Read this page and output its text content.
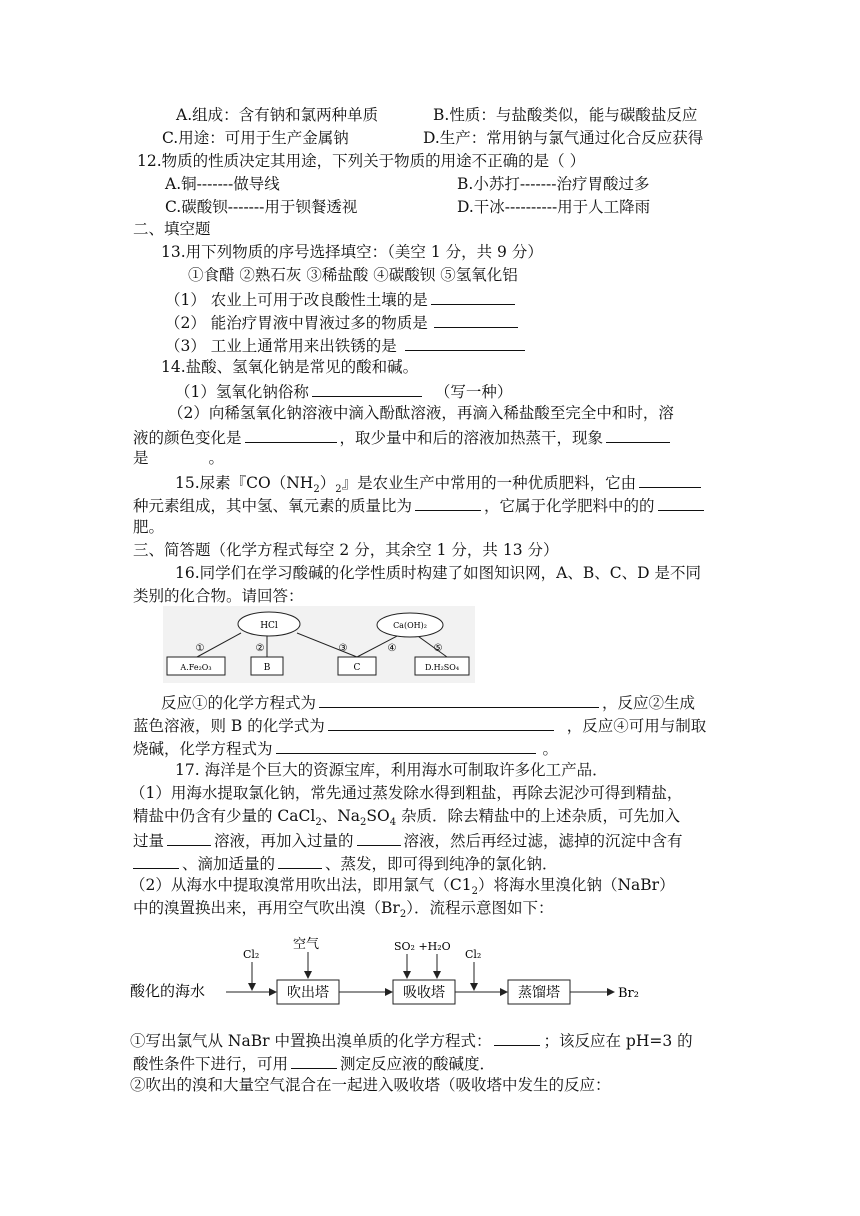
A.组成：含有钠和氯两种单质	B.性质：与盐酸类似，能与碳酸盐反应
C.用途：可用于生产金属钠	D.生产：常用钠与氯气通过化合反应获得
12.物质的性质决定其用途，下列关于物质的用途不正确的是（ ）
A.铜-------做导线	B.小苏打-------治疗胃酸过多
C.碳酸钡-------用于钡餐透视	D.干冰----------用于人工降雨
二、填空题
13.用下列物质的序号选择填空：（美空 1 分，共 9 分）
①食醋 ②熟石灰 ③稀盐酸 ④碳酸钡 ⑤氢氧化铝
（1） 农业上可用于改良酸性土壤的是
（2） 能治疗胃液中胃液过多的物质是
（3） 工业上通常用来出铁锈的是
14.盐酸、氢氧化钠是常见的酸和碱。
（1）氢氧化钠俗称	（写一种）
（2）向稀氢氧化钠溶液中滴入酚酞溶液，再滴入稀盐酸至完全中和时，溶
液的颜色变化是	，取少量中和后的溶液加热蒸干，现象
是	。
15.尿素『$CO(NH_2)_2$』是农业生产中常用的一种优质肥料，它由
种元素组成，其中氢、氧元素的质量比为	，它属于化学肥料中的的
肥。
三、简答题（化学方程式每空 2 分，其余空 1 分，共 13 分）
16.同学们在学习酸碱的化学性质时构建了如图知识网，A、B、C、D 是不同
类别的化合物。请回答：
HCl	Ca(OH)₂
①	②	③	④	⑤
A.Fe₂O₃	B	C	D.H₂SO₄
反应①的化学方程式为	，反应②生成
蓝色溶液，则 B 的化学式为	，反应④可用与制取
烧碱，化学方程式为	。
17. 海洋是个巨大的资源宝库，利用海水可制取许多化工产品．
（1）用海水提取氯化钠，常先通过蒸发除水得到粗盐，再除去泥沙可得到精盐，
精盐中仍含有少量的 CaCl$_2$、$Na_2SO_4$ 杂质．除去精盐中的上述杂质，可先加入
过量	溶液，再加入过量的	溶液，然后再经过滤，滤掉的沉淀中含有
、滴加适量的	、蒸发，即可得到纯净的氯化钠．
（2）从海水中提取溴常用吹出法，即用氯气$(C1_2)$将海水里溴化钠（NaBr）
中的溴置换出来，再用空气吹出溴$(Br_2)$．流程示意图如下：
酸化的海水
Cl₂
吹出塔
空气
吸收塔
SO₂ +H₂O
Cl₂
蒸馏塔	Br₂
①写出氯气从 NaBr 中置换出溴单质的化学方程式：	；该反应在 pH=3 的
酸性条件下进行，可用	测定反应液的酸碱度．
②吹出的溴和大量空气混合在一起进入吸收塔（吸收塔中发生的反应：
